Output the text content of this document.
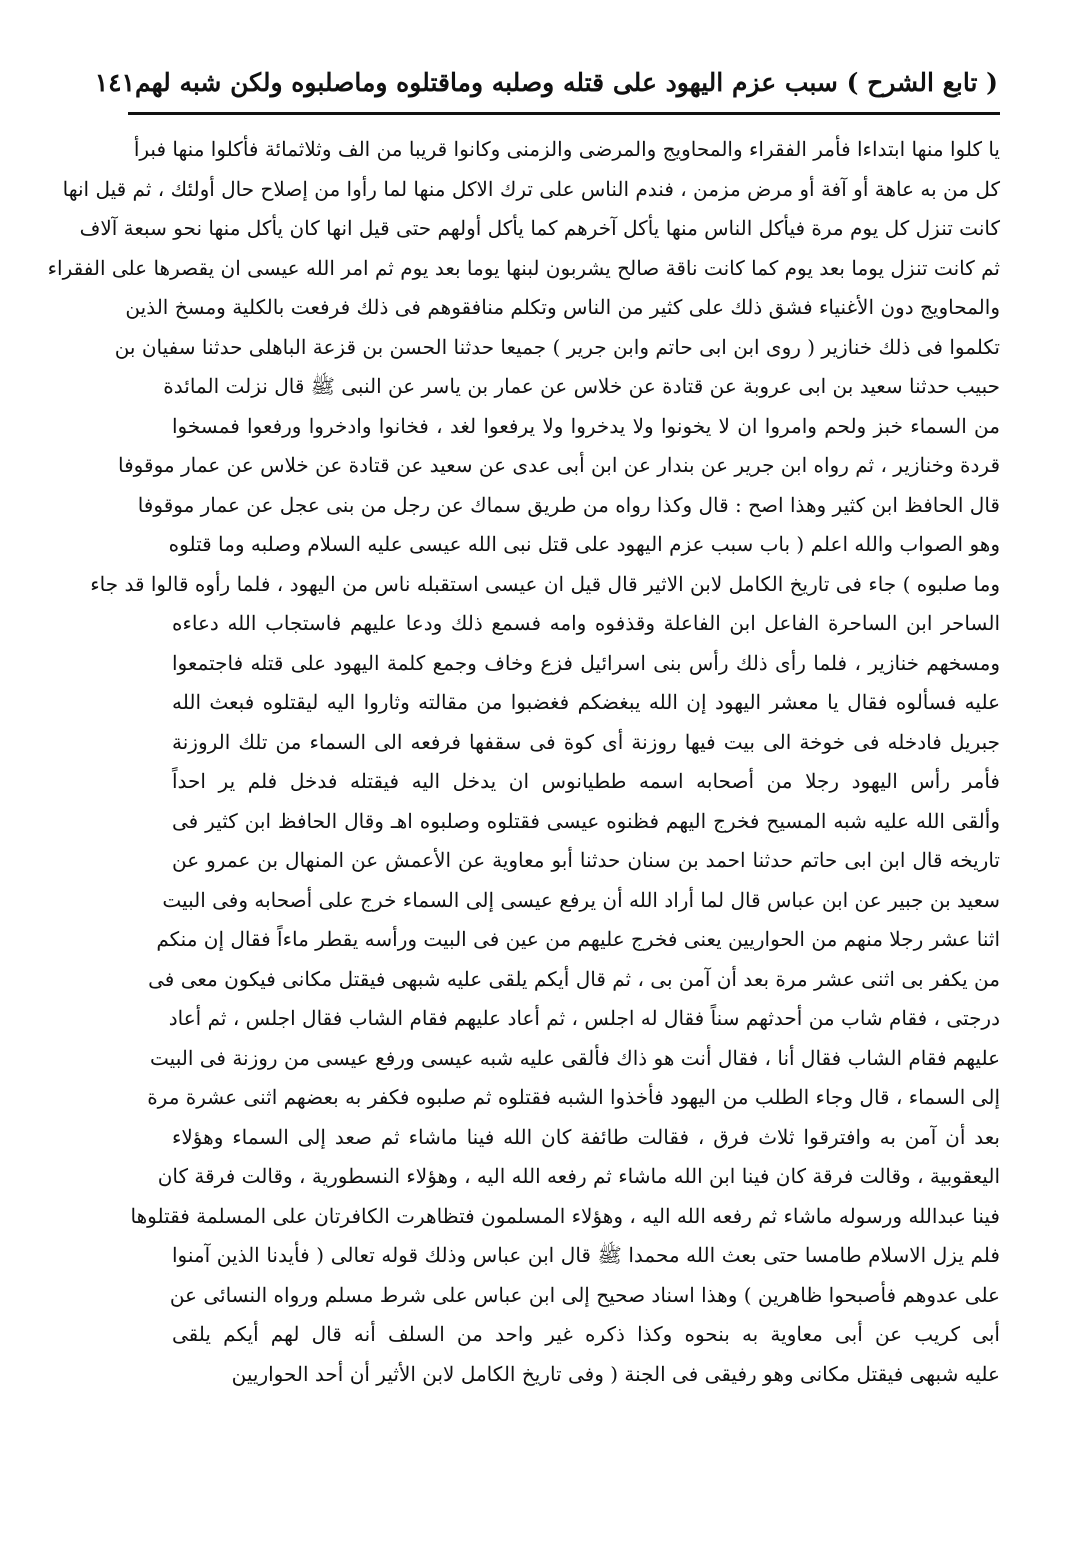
( تابع الشرح ) سبب عزم اليهود على قتله وصلبه وماقتلوه وماصلبوه ولكن شبه لهم
١٤١
يا كلوا منها ابتداءا فأمر الفقراء والمحاويج والمرضى والزمنى وكانوا قريبا من الف وثلاثمائة فأكلوا منها فبرأ
كل من به عاهة أو آفة أو مرض مزمن ، فندم الناس على ترك الاكل منها لما رأوا من إصلاح حال أولئك ، ثم قيل انها
كانت تنزل كل يوم مرة فيأكل الناس منها يأكل آخرهم كما يأكل أولهم حتى قيل انها كان يأكل منها نحو سبعة آلاف
ثم كانت تنزل يوما بعد يوم كما كانت ناقة صالح يشربون لبنها يوما بعد يوم ثم امر الله عيسى ان يقصرها على الفقراء
والمحاويج دون الأغنياء فشق ذلك على كثير من الناس وتكلم منافقوهم فى ذلك فرفعت بالكلية ومسخ الذين
تكلموا فى ذلك خنازير ( روى ابن ابى حاتم وابن جرير ) جميعا حدثنا الحسن بن قزعة الباهلى حدثنا سفيان بن
حبيب حدثنا سعيد بن ابى عروبة عن قتادة عن خلاس عن عمار بن ياسر عن النبى ﷺ قال نزلت المائدة
من السماء خبز ولحم وامروا ان لا يخونوا ولا يدخروا ولا يرفعوا لغد ، فخانوا وادخروا ورفعوا فمسخوا
قردة وخنازير ، ثم رواه ابن جرير عن بندار عن ابن أبى عدى عن سعيد عن قتادة عن خلاس عن عمار موقوفا
قال الحافظ ابن كثير وهذا اصح : قال وكذا رواه من طريق سماك عن رجل من بنى عجل عن عمار موقوفا
وهو الصواب والله اعلم ( باب سبب عزم اليهود على قتل نبى الله عيسى عليه السلام وصلبه وما قتلوه
وما صلبوه ) جاء فى تاريخ الكامل لابن الاثير قال قيل ان عيسى استقبله ناس من اليهود ، فلما رأوه قالوا قد جاء
الساحر ابن الساحرة الفاعل ابن الفاعلة وقذفوه وامه فسمع ذلك ودعا عليهم فاستجاب الله دعاءه
ومسخهم خنازير ، فلما رأى ذلك رأس بنى اسرائيل فزع وخاف وجمع كلمة اليهود على قتله فاجتمعوا
عليه فسألوه فقال يا معشر اليهود إن الله يبغضكم فغضبوا من مقالته وثاروا اليه ليقتلوه فبعث الله
جبريل فادخله فى خوخة الى بيت فيها روزنة أى كوة فى سقفها فرفعه الى السماء من تلك الروزنة
فأمر رأس اليهود رجلا من أصحابه اسمه ططيانوس ان يدخل اليه فيقتله فدخل فلم ير احداً
وألقى الله عليه شبه المسيح فخرج اليهم فظنوه عيسى فقتلوه وصلبوه اهـ وقال الحافظ ابن كثير فى
تاريخه قال ابن ابى حاتم حدثنا احمد بن سنان حدثنا أبو معاوية عن الأعمش عن المنهال بن عمرو عن
سعيد بن جبير عن ابن عباس قال لما أراد الله أن يرفع عيسى إلى السماء خرج على أصحابه وفى البيت
اثنا عشر رجلا منهم من الحواريين يعنى فخرج عليهم من عين فى البيت ورأسه يقطر ماءاً فقال إن منكم
من يكفر بى اثنى عشر مرة بعد أن آمن بى ، ثم قال أيكم يلقى عليه شبهى فيقتل مكانى فيكون معى فى
درجتى ، فقام شاب من أحدثهم سناً فقال له اجلس ، ثم أعاد عليهم فقام الشاب فقال اجلس ، ثم أعاد
عليهم فقام الشاب فقال أنا ، فقال أنت هو ذاك فألقى عليه شبه عيسى ورفع عيسى من روزنة فى البيت
إلى السماء ، قال وجاء الطلب من اليهود فأخذوا الشبه فقتلوه ثم صلبوه فكفر به بعضهم اثنى عشرة مرة
بعد أن آمن به وافترقوا ثلاث فرق ، فقالت طائفة كان الله فينا ماشاء ثم صعد إلى السماء وهؤلاء
اليعقوبية ، وقالت فرقة كان فينا ابن الله ماشاء ثم رفعه الله اليه ، وهؤلاء النسطورية ، وقالت فرقة كان
فينا عبدالله ورسوله ماشاء ثم رفعه الله اليه ، وهؤلاء المسلمون فتظاهرت الكافرتان على المسلمة فقتلوها
فلم يزل الاسلام طامسا حتى بعث الله محمدا ﷺ قال ابن عباس وذلك قوله تعالى ( فأيدنا الذين آمنوا
على عدوهم فأصبحوا ظاهرين ) وهذا اسناد صحيح إلى ابن عباس على شرط مسلم ورواه النسائى عن
أبى كريب عن أبى معاوية به بنحوه وكذا ذكره غير واحد من السلف أنه قال لهم أيكم يلقى
عليه شبهى فيقتل مكانى وهو رفيقى فى الجنة ( وفى تاريخ الكامل لابن الأثير أن أحد الحواريين
